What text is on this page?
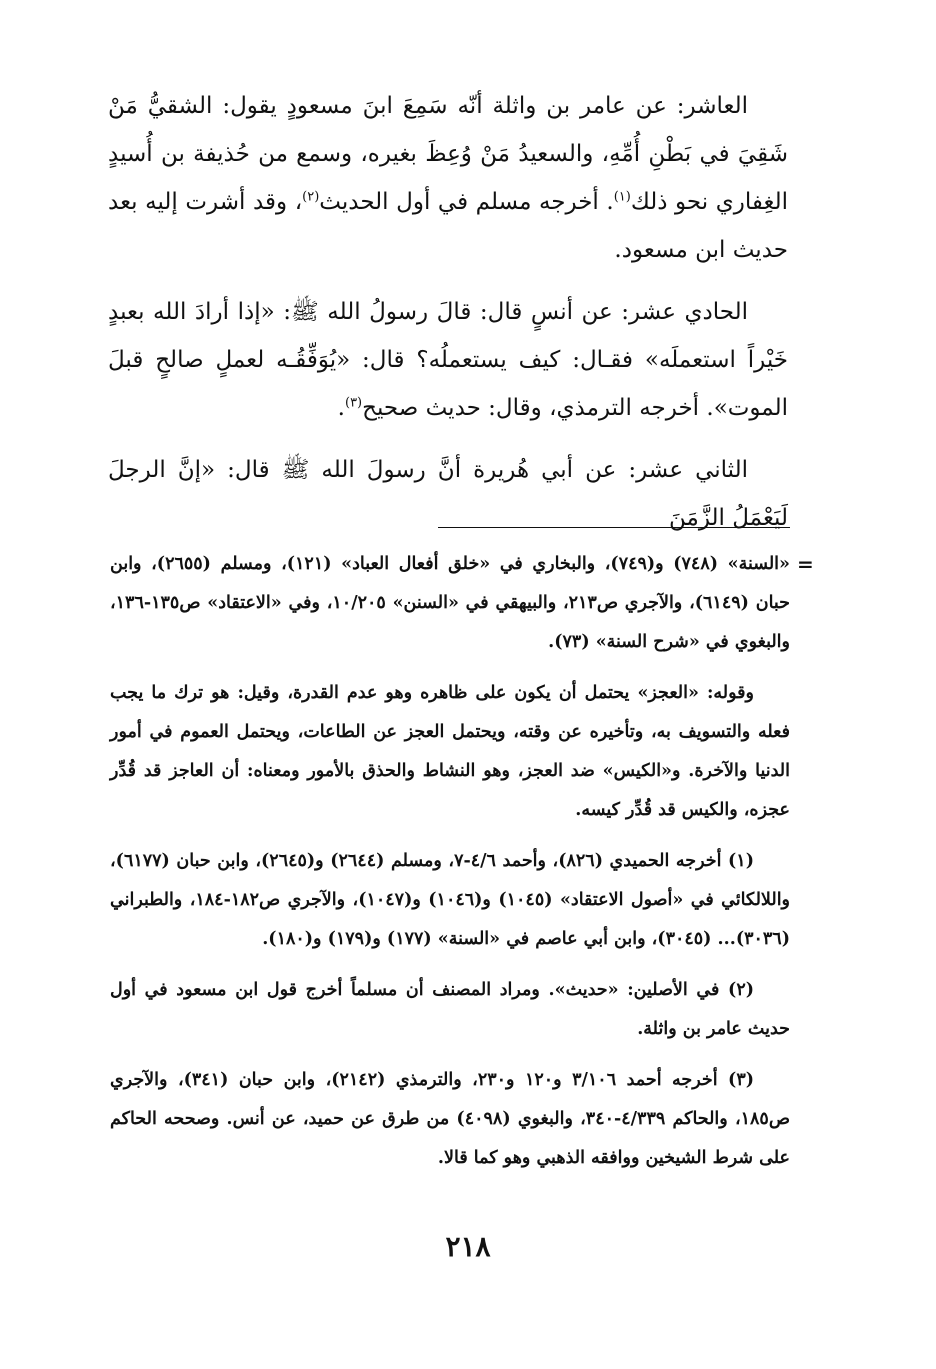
العاشر: عن عامر بن واثلة أنّه سَمِعَ ابنَ مسعودٍ يقول: الشقيُّ مَنْ شَقِيَ في بَطْنِ أُمِّهِ، والسعيدُ مَنْ وُعِظَ بغيره، وسمع من حُذيفة بن أُسيدٍ الغِفاري نحو ذلك$^{(١)}$. أخرجه مسلم في أول الحديث$^{(٢)}$، وقد أشرت إليه بعد حديث ابن مسعود.

الحادي عشر: عن أنسٍ قال: قالَ رسولُ الله ﷺ: «إذا أرادَ الله بعبدٍ خَيْراً استعملَه» فقـال: كيف يستعملُه؟ قال: «يُوَفِّقُـه لعملٍ صالحٍ قبلَ الموت». أخرجه الترمذي، وقال: حديث صحيح$^{(٣)}$.

الثاني عشر: عن أبي هُريرة أنَّ رسولَ الله ﷺ قال: «إنَّ الرجلَ لَيَعْمَلُ الزَّمَنَ

=

«السنة» (٧٤٨) و(٧٤٩)، والبخاري في «خلق أفعال العباد» (١٢١)، ومسلم (٢٦٥٥)، وابن حبان (٦١٤٩)، والآجري ص٢١٣، والبيهقي في «السنن» ١٠/٢٠٥، وفي «الاعتقاد» ص١٣٥-١٣٦، والبغوي في «شرح السنة» (٧٣).

وقوله: «العجز» يحتمل أن يكون على ظاهره وهو عدم القدرة، وقيل: هو ترك ما يجب فعله والتسويف به، وتأخيره عن وقته، ويحتمل العجز عن الطاعات، ويحتمل العموم في أمور الدنيا والآخرة. و«الكيس» ضد العجز، وهو النشاط والحذق بالأمور ومعناه: أن العاجز قد قُدِّر عجزه، والكيس قد قُدِّر كيسه.

(١) أخرجه الحميدي (٨٢٦)، وأحمد ٤/٦-٧، ومسلم (٢٦٤٤) و(٢٦٤٥)، وابن حبان (٦١٧٧)، واللالكائي في «أصول الاعتقاد» (١٠٤٥) و(١٠٤٦) و(١٠٤٧)، والآجري ص١٨٢-١٨٤، والطبراني (٣٠٣٦)... (٣٠٤٥)، وابن أبي عاصم في «السنة» (١٧٧) و(١٧٩) و(١٨٠).

(٢) في الأصلين: «حديث». ومراد المصنف أن مسلماً أخرج قول ابن مسعود في أول حديث عامر بن واثلة.

(٣) أخرجه أحمد ٣/١٠٦ و١٢٠ و٢٣٠، والترمذي (٢١٤٢)، وابن حبان (٣٤١)، والآجري ص١٨٥، والحاكم ٤/٣٣٩-٣٤٠، والبغوي (٤٠٩٨) من طرق عن حميد، عن أنس. وصححه الحاكم على شرط الشيخين ووافقه الذهبي وهو كما قالا.

٢١٨
